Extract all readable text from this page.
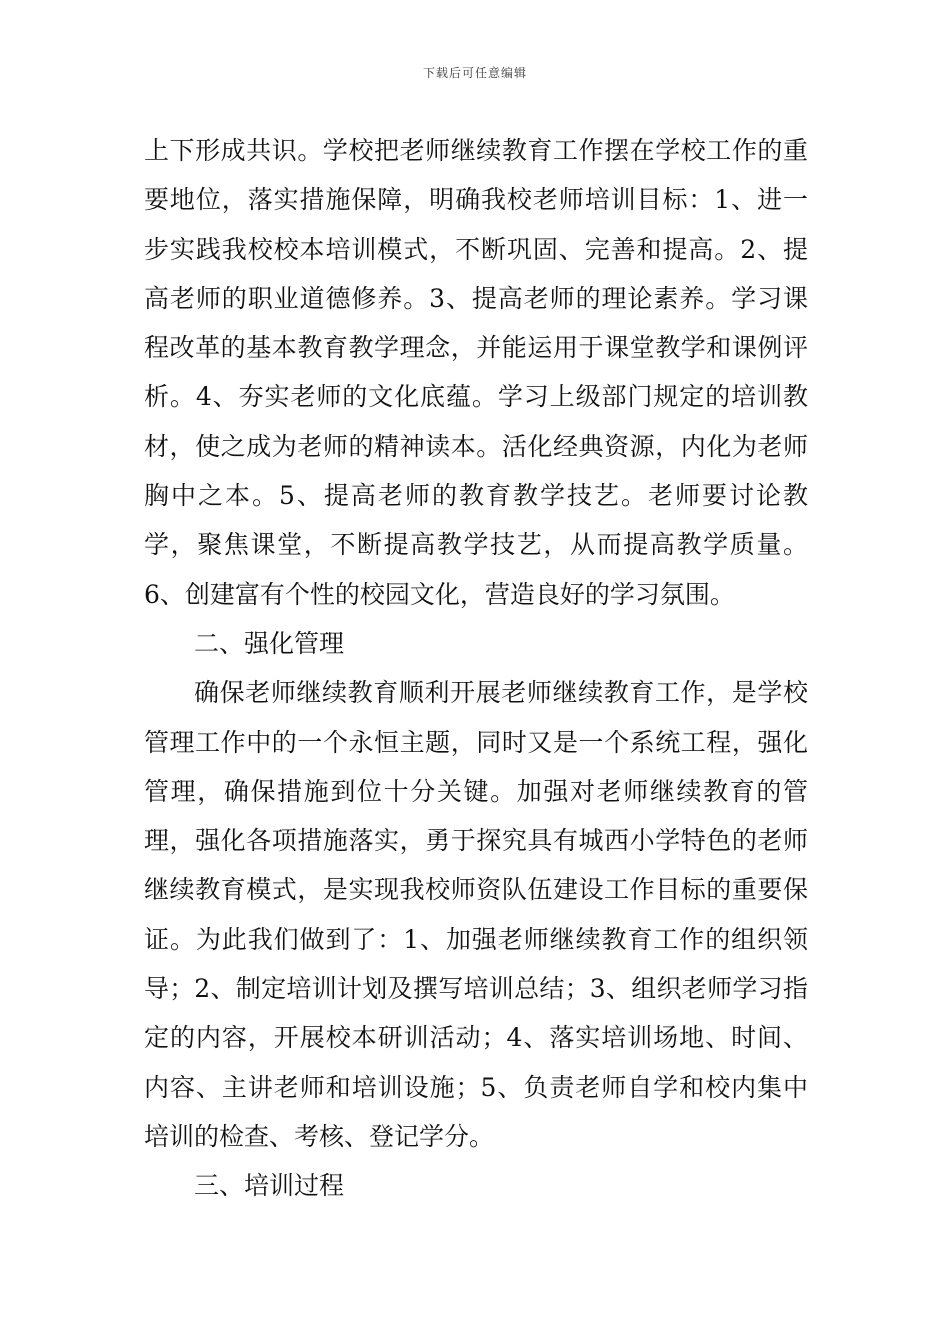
下载后可任意编辑

上下形成共识。学校把老师继续教育工作摆在学校工作的重要地位，落实措施保障，明确我校老师培训目标：1、进一步实践我校校本培训模式，不断巩固、完善和提高。2、提高老师的职业道德修养。3、提高老师的理论素养。学习课程改革的基本教育教学理念，并能运用于课堂教学和课例评析。4、夯实老师的文化底蕴。学习上级部门规定的培训教材，使之成为老师的精神读本。活化经典资源，内化为老师胸中之本。5、提高老师的教育教学技艺。老师要讨论教学，聚焦课堂，不断提高教学技艺，从而提高教学质量。6、创建富有个性的校园文化，营造良好的学习氛围。

二、强化管理

确保老师继续教育顺利开展老师继续教育工作，是学校管理工作中的一个永恒主题，同时又是一个系统工程，强化管理，确保措施到位十分关键。加强对老师继续教育的管理，强化各项措施落实，勇于探究具有城西小学特色的老师继续教育模式，是实现我校师资队伍建设工作目标的重要保证。为此我们做到了：1、加强老师继续教育工作的组织领导；2、制定培训计划及撰写培训总结；3、组织老师学习指定的内容，开展校本研训活动；4、落实培训场地、时间、内容、主讲老师和培训设施；5、负责老师自学和校内集中培训的检查、考核、登记学分。

三、培训过程
